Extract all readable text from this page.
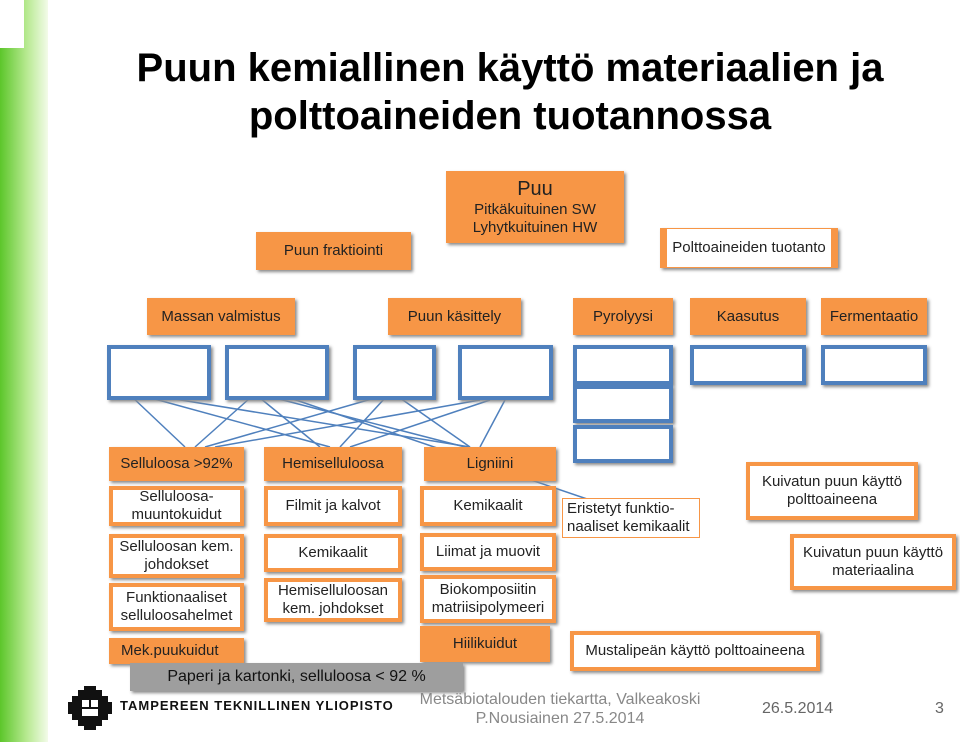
Puun kemiallinen käyttö materiaalien ja polttoaineiden tuotannossa
Puu
Pitkäkuituinen SW
Lyhytkuituinen HW
Puun fraktiointi	Polttoaineiden tuotanto
Massan valmistus	Puun käsittely	Pyrolyysi	Kaasutus	Fermentaatio
Mekaaninen massa
Kemiallinen sellu
Ioniset liuottimet
Kuuma-vesiuutto
Bioöljy
Kaasu
Hiili
Synteesikaasu	Bioetanoli
Selluloosa >92%	Hemiselluloosa	Ligniini
Selluloosa-muuntokuidut
Selluloosan kem. johdokset
Funktionaaliset selluloosahelmet
Mek.puukuidut
Filmit ja kalvot
Kemikaalit
Hemiselluloosan kem. johdokset
Kemikaalit
Liimat ja muovit
Biokomposiitin matriisipolymeeri
Hiilikuidut
Eristetyt funktio-naaliset kemikaalit
Kuivatun puun käyttö polttoaineena
Kuivatun puun käyttö materiaalina
Mustalipeän käyttö polttoaineena
Paperi ja kartonki, selluloosa < 92 %
TAMPEREEN TEKNILLINEN YLIOPISTO	Metsäbiotalouden tiekartta, Valkeakoski
P.Nousiainen 27.5.2014
26.5.2014	3
